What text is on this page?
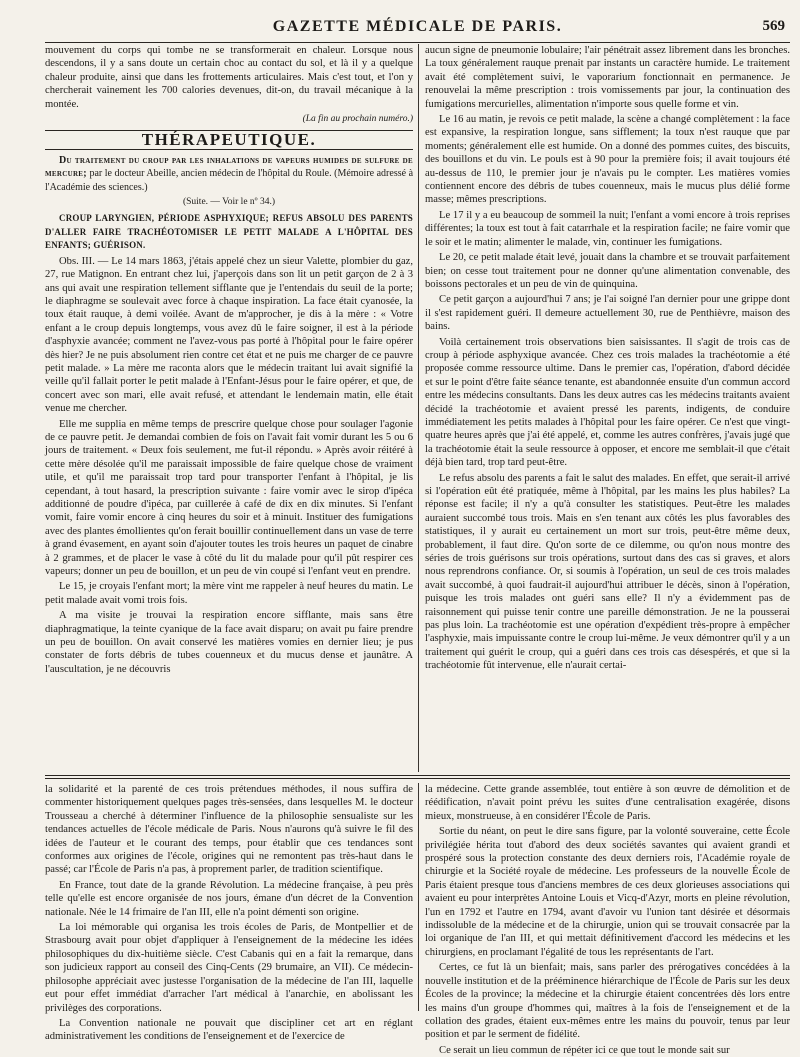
GAZETTE MÉDICALE DE PARIS.	569

mouvement du corps qui tombe ne se transformerait en chaleur. Lorsque nous descendons, il y a sans doute un certain choc au contact du sol, et là il y a quelque chaleur produite, ainsi que dans les frottements articulaires. Mais c'est tout, et l'on y chercherait vainement les 700 calories devenues, dit-on, du travail mécanique à la montée.

(La fin au prochain numéro.)
THÉRAPEUTIQUE.

Du traitement du croup par les inhalations de vapeurs humides de sulfure de mercure; par le docteur Abeille, ancien médecin de l'hôpital du Roule. (Mémoire adressé à l'Académie des sciences.)

(Suite. — Voir le nº 34.)

CROUP LARYNGIEN, PÉRIODE ASPHYXIQUE; REFUS ABSOLU DES PARENTS D'ALLER FAIRE TRACHÉOTOMISER LE PETIT MALADE A L'HÔPITAL DES ENFANTS; GUÉRISON.

Obs. III. — Le 14 mars 1863, j'étais appelé chez un sieur Valette, plombier du gaz, 27, rue Matignon. En entrant chez lui, j'aperçois dans son lit un petit garçon de 2 à 3 ans qui avait une respiration tellement sifflante que je l'entendais du seuil de la porte; le diaphragme se soulevait avec force à chaque inspiration. La face était cyanosée, la toux était rauque, à demi voilée. Avant de m'approcher, je dis à la mère : « Votre enfant a le croup depuis longtemps, vous avez dû le faire soigner, il est à la période d'asphyxie avancée; comment ne l'avez-vous pas porté à l'hôpital pour le faire opérer dès hier? Je ne puis absolument rien contre cet état et ne puis me charger de ce pauvre petit malade. » La mère me raconta alors que le médecin traitant lui avait signifié la veille qu'il fallait porter le petit malade à l'Enfant-Jésus pour le faire opérer, et que, de concert avec son mari, elle avait refusé, et attendant le lendemain matin, elle était venue me chercher.

Elle me supplia en même temps de prescrire quelque chose pour soulager l'agonie de ce pauvre petit. Je demandai combien de fois on l'avait fait vomir durant les 5 ou 6 jours de traitement. « Deux fois seulement, me fut-il répondu. » Après avoir réitéré à cette mère désolée qu'il me paraissait impossible de faire quelque chose de vraiment utile, et qu'il me paraissait trop tard pour transporter l'enfant à l'hôpital, je lis cependant, à tout hasard, la prescription suivante : faire vomir avec le sirop d'ipéca additionné de poudre d'ipéca, par cuillerée à café de dix en dix minutes. Si l'enfant vomit, faire vomir encore à cinq heures du soir et à minuit. Instituer des fumigations avec des plantes émollientes qu'on ferait bouillir continuellement dans un vase de terre à grand évasement, en ayant soin d'ajouter toutes les trois heures un paquet de cinabre à 2 grammes, et de placer le vase à côté du lit du malade pour qu'il pût respirer ces vapeurs; donner un peu de bouillon, et un peu de vin coupé si l'enfant veut en prendre.

Le 15, je croyais l'enfant mort; la mère vint me rappeler à neuf heures du matin. Le petit malade avait vomi trois fois.

A ma visite je trouvai la respiration encore sifflante, mais sans être diaphragmatique, la teinte cyanique de la face avait disparu; on avait pu faire prendre un peu de bouillon. On avait conservé les matières vomies en dernier lieu; je pus constater de forts débris de tubes couenneux et du mucus dense et jaunâtre. A l'auscultation, je ne découvris

aucun signe de pneumonie lobulaire; l'air pénétrait assez librement dans les bronches. La toux généralement rauque prenait par instants un caractère humide. Le traitement avait été complètement suivi, le vaporarium fonctionnait en permanence. Je renouvelai la même prescription : trois vomissements par jour, la continuation des fumigations mercurielles, alimentation n'importe sous quelle forme et vin.

Le 16 au matin, je revois ce petit malade, la scène a changé complètement : la face est expansive, la respiration longue, sans sifflement; la toux n'est rauque que par moments; généralement elle est humide. On a donné des pommes cuites, des biscuits, des bouillons et du vin. Le pouls est à 90 pour la première fois; il avait toujours été au-dessus de 110, le premier jour je n'avais pu le compter. Les matières vomies contiennent encore des débris de tubes couenneux, mais le mucus plus délié forme masse; mêmes prescriptions.

Le 17 il y a eu beaucoup de sommeil la nuit; l'enfant a vomi encore à trois reprises différentes; la toux est tout à fait catarrhale et la respiration facile; ne faire vomir que le soir et le matin; alimenter le malade, vin, continuer les fumigations.

Le 20, ce petit malade était levé, jouait dans la chambre et se trouvait parfaitement bien; on cesse tout traitement pour ne donner qu'une alimentation convenable, des boissons pectorales et un peu de vin de quinquina.

Ce petit garçon a aujourd'hui 7 ans; je l'ai soigné l'an dernier pour une grippe dont il s'est rapidement guéri. Il demeure actuellement 30, rue de Penthièvre, maison des bains.

Voilà certainement trois observations bien saisissantes. Il s'agit de trois cas de croup à période asphyxique avancée. Chez ces trois malades la trachéotomie a été proposée comme ressource ultime. Dans le premier cas, l'opération, d'abord décidée et sur le point d'être faite séance tenante, est abandonnée ensuite d'un commun accord entre les médecins consultants. Dans les deux autres cas les médecins traitants avaient décidé la trachéotomie et avaient pressé les parents, indigents, de conduire immédiatement les petits malades à l'hôpital pour les faire opérer. Ce n'est que vingt-quatre heures après que j'ai été appelé, et, comme les autres confrères, j'avais jugé que la trachéotomie était la seule ressource à opposer, et encore me semblait-il que c'était déjà bien tard, trop tard peut-être.

Le refus absolu des parents a fait le salut des malades. En effet, que serait-il arrivé si l'opération eût été pratiquée, même à l'hôpital, par les mains les plus habiles? La réponse est facile; il n'y a qu'à consulter les statistiques. Peut-être les malades auraient succombé tous trois. Mais en s'en tenant aux côtés les plus favorables des statistiques, il y aurait eu certainement un mort sur trois, peut-être même deux, probablement, il faut dire. Qu'on sorte de ce dilemme, ou qu'on nous montre des séries de trois guérisons sur trois opérations, surtout dans des cas si graves, et alors nous reprendrons confiance. Or, si soumis à l'opération, un seul de ces trois malades avait succombé, à quoi faudrait-il aujourd'hui attribuer le décès, sinon à l'opération, puisque les trois malades ont guéri sans elle? Il n'y a évidemment pas de raisonnement qui puisse tenir contre une pareille démonstration. Je ne la pousserai pas plus loin. La trachéotomie est une opération d'expédient très-propre à empêcher l'asphyxie, mais impuissante contre le croup lui-même. Je veux démontrer qu'il y a un traitement qui guérit le croup, qui a guéri dans ces trois cas désespérés, et que si la trachéotomie fût intervenue, elle n'aurait certai-

la solidarité et la parenté de ces trois prétendues méthodes, il nous suffira de commenter historiquement quelques pages très-sensées, dans lesquelles M. le docteur Trousseau a cherché à déterminer l'influence de la philosophie sensualiste sur les tendances actuelles de l'école médicale de Paris. Nous n'aurons qu'à suivre le fil des idées de l'auteur et le courant des temps, pour établir que ces tendances sont conformes aux origines de l'école, origines qui ne remontent pas très-haut dans le passé; car l'École de Paris n'a pas, à proprement parler, de tradition scientifique.

En France, tout date de la grande Révolution. La médecine française, à peu près telle qu'elle est encore organisée de nos jours, émane d'un décret de la Convention nationale. Née le 14 frimaire de l'an III, elle n'a point démenti son origine.

La loi mémorable qui organisa les trois écoles de Paris, de Montpellier et de Strasbourg avait pour objet d'appliquer à l'enseignement de la médecine les idées philosophiques du dix-huitième siècle. C'est Cabanis qui en a fait la remarque, dans son judicieux rapport au conseil des Cinq-Cents (29 brumaire, an VII). Ce médecin-philosophe appréciait avec justesse l'organisation de la médecine de l'an III, laquelle eut pour effet immédiat d'arracher l'art médical à l'anarchie, en abolissant les privilèges des corporations.

La Convention nationale ne pouvait que discipliner cet art en réglant administrativement les conditions de l'enseignement et de l'exercice de

la médecine. Cette grande assemblée, tout entière à son œuvre de démolition et de réédification, n'avait point prévu les suites d'une centralisation exagérée, disons mieux, monstrueuse, à en considérer l'École de Paris.

Sortie du néant, on peut le dire sans figure, par la volonté souveraine, cette École privilégiée hérita tout d'abord des deux sociétés savantes qui avaient grandi et prospéré sous la protection constante des deux derniers rois, l'Académie royale de chirurgie et la Société royale de médecine. Les professeurs de la nouvelle École de Paris étaient presque tous d'anciens membres de ces deux glorieuses associations qui avaient eu pour interprètes Antoine Louis et Vicq-d'Azyr, morts en pleine révolution, l'un en 1792 et l'autre en 1794, avant d'avoir vu l'union tant désirée et désormais indissoluble de la médecine et de la chirurgie, union qui se trouvait consacrée par la loi organique de l'an III, et qui mettait définitivement d'accord les médecins et les chirurgiens, en proclamant l'égalité de tous les représentants de l'art.

Certes, ce fut là un bienfait; mais, sans parler des prérogatives concédées à la nouvelle institution et de la prééminence hiérarchique de l'École de Paris sur les deux Écoles de la province; la médecine et la chirurgie étaient concentrées dès lors entre les mains d'un groupe d'hommes qui, maîtres à la fois de l'enseignement et de la collation des grades, étaient eux-mêmes entre les mains du pouvoir, tenus par leur position et par le serment de fidélité.

Ce serait un lieu commun de répéter ici ce que tout le monde sait sur
